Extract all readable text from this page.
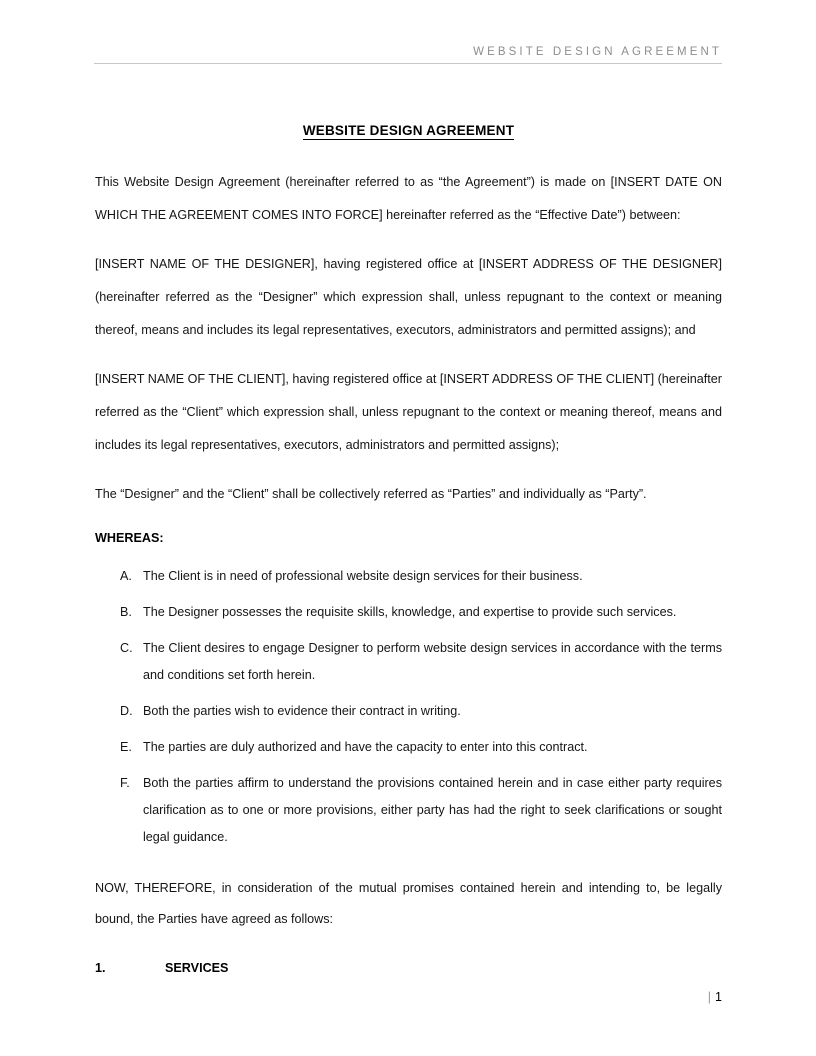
WEBSITE DESIGN AGREEMENT
WEBSITE DESIGN AGREEMENT

This Website Design Agreement (hereinafter referred to as “the Agreement”) is made on [INSERT DATE ON WHICH THE AGREEMENT COMES INTO FORCE] hereinafter referred as the “Effective Date”) between:

[INSERT NAME OF THE DESIGNER], having registered office at [INSERT ADDRESS OF THE DESIGNER] (hereinafter referred as the “Designer” which expression shall, unless repugnant to the context or meaning thereof, means and includes its legal representatives, executors, administrators and permitted assigns); and

[INSERT NAME OF THE CLIENT], having registered office at [INSERT ADDRESS OF THE CLIENT] (hereinafter referred as the “Client” which expression shall, unless repugnant to the context or meaning thereof, means and includes its legal representatives, executors, administrators and permitted assigns);

The “Designer” and the “Client” shall be collectively referred as “Parties” and individually as “Party”.

WHEREAS:
A. The Client is in need of professional website design services for their business.
B. The Designer possesses the requisite skills, knowledge, and expertise to provide such services.
C. The Client desires to engage Designer to perform website design services in accordance with the terms and conditions set forth herein.
D. Both the parties wish to evidence their contract in writing.
E. The parties are duly authorized and have the capacity to enter into this contract.
F.	Both the parties affirm to understand the provisions contained herein and in case either party requires clarification as to one or more provisions, either party has had the right to seek clarifications or sought legal guidance.

NOW, THEREFORE, in consideration of the mutual promises contained herein and intending to, be legally bound, the Parties have agreed as follows:

1.	SERVICES
| 1
